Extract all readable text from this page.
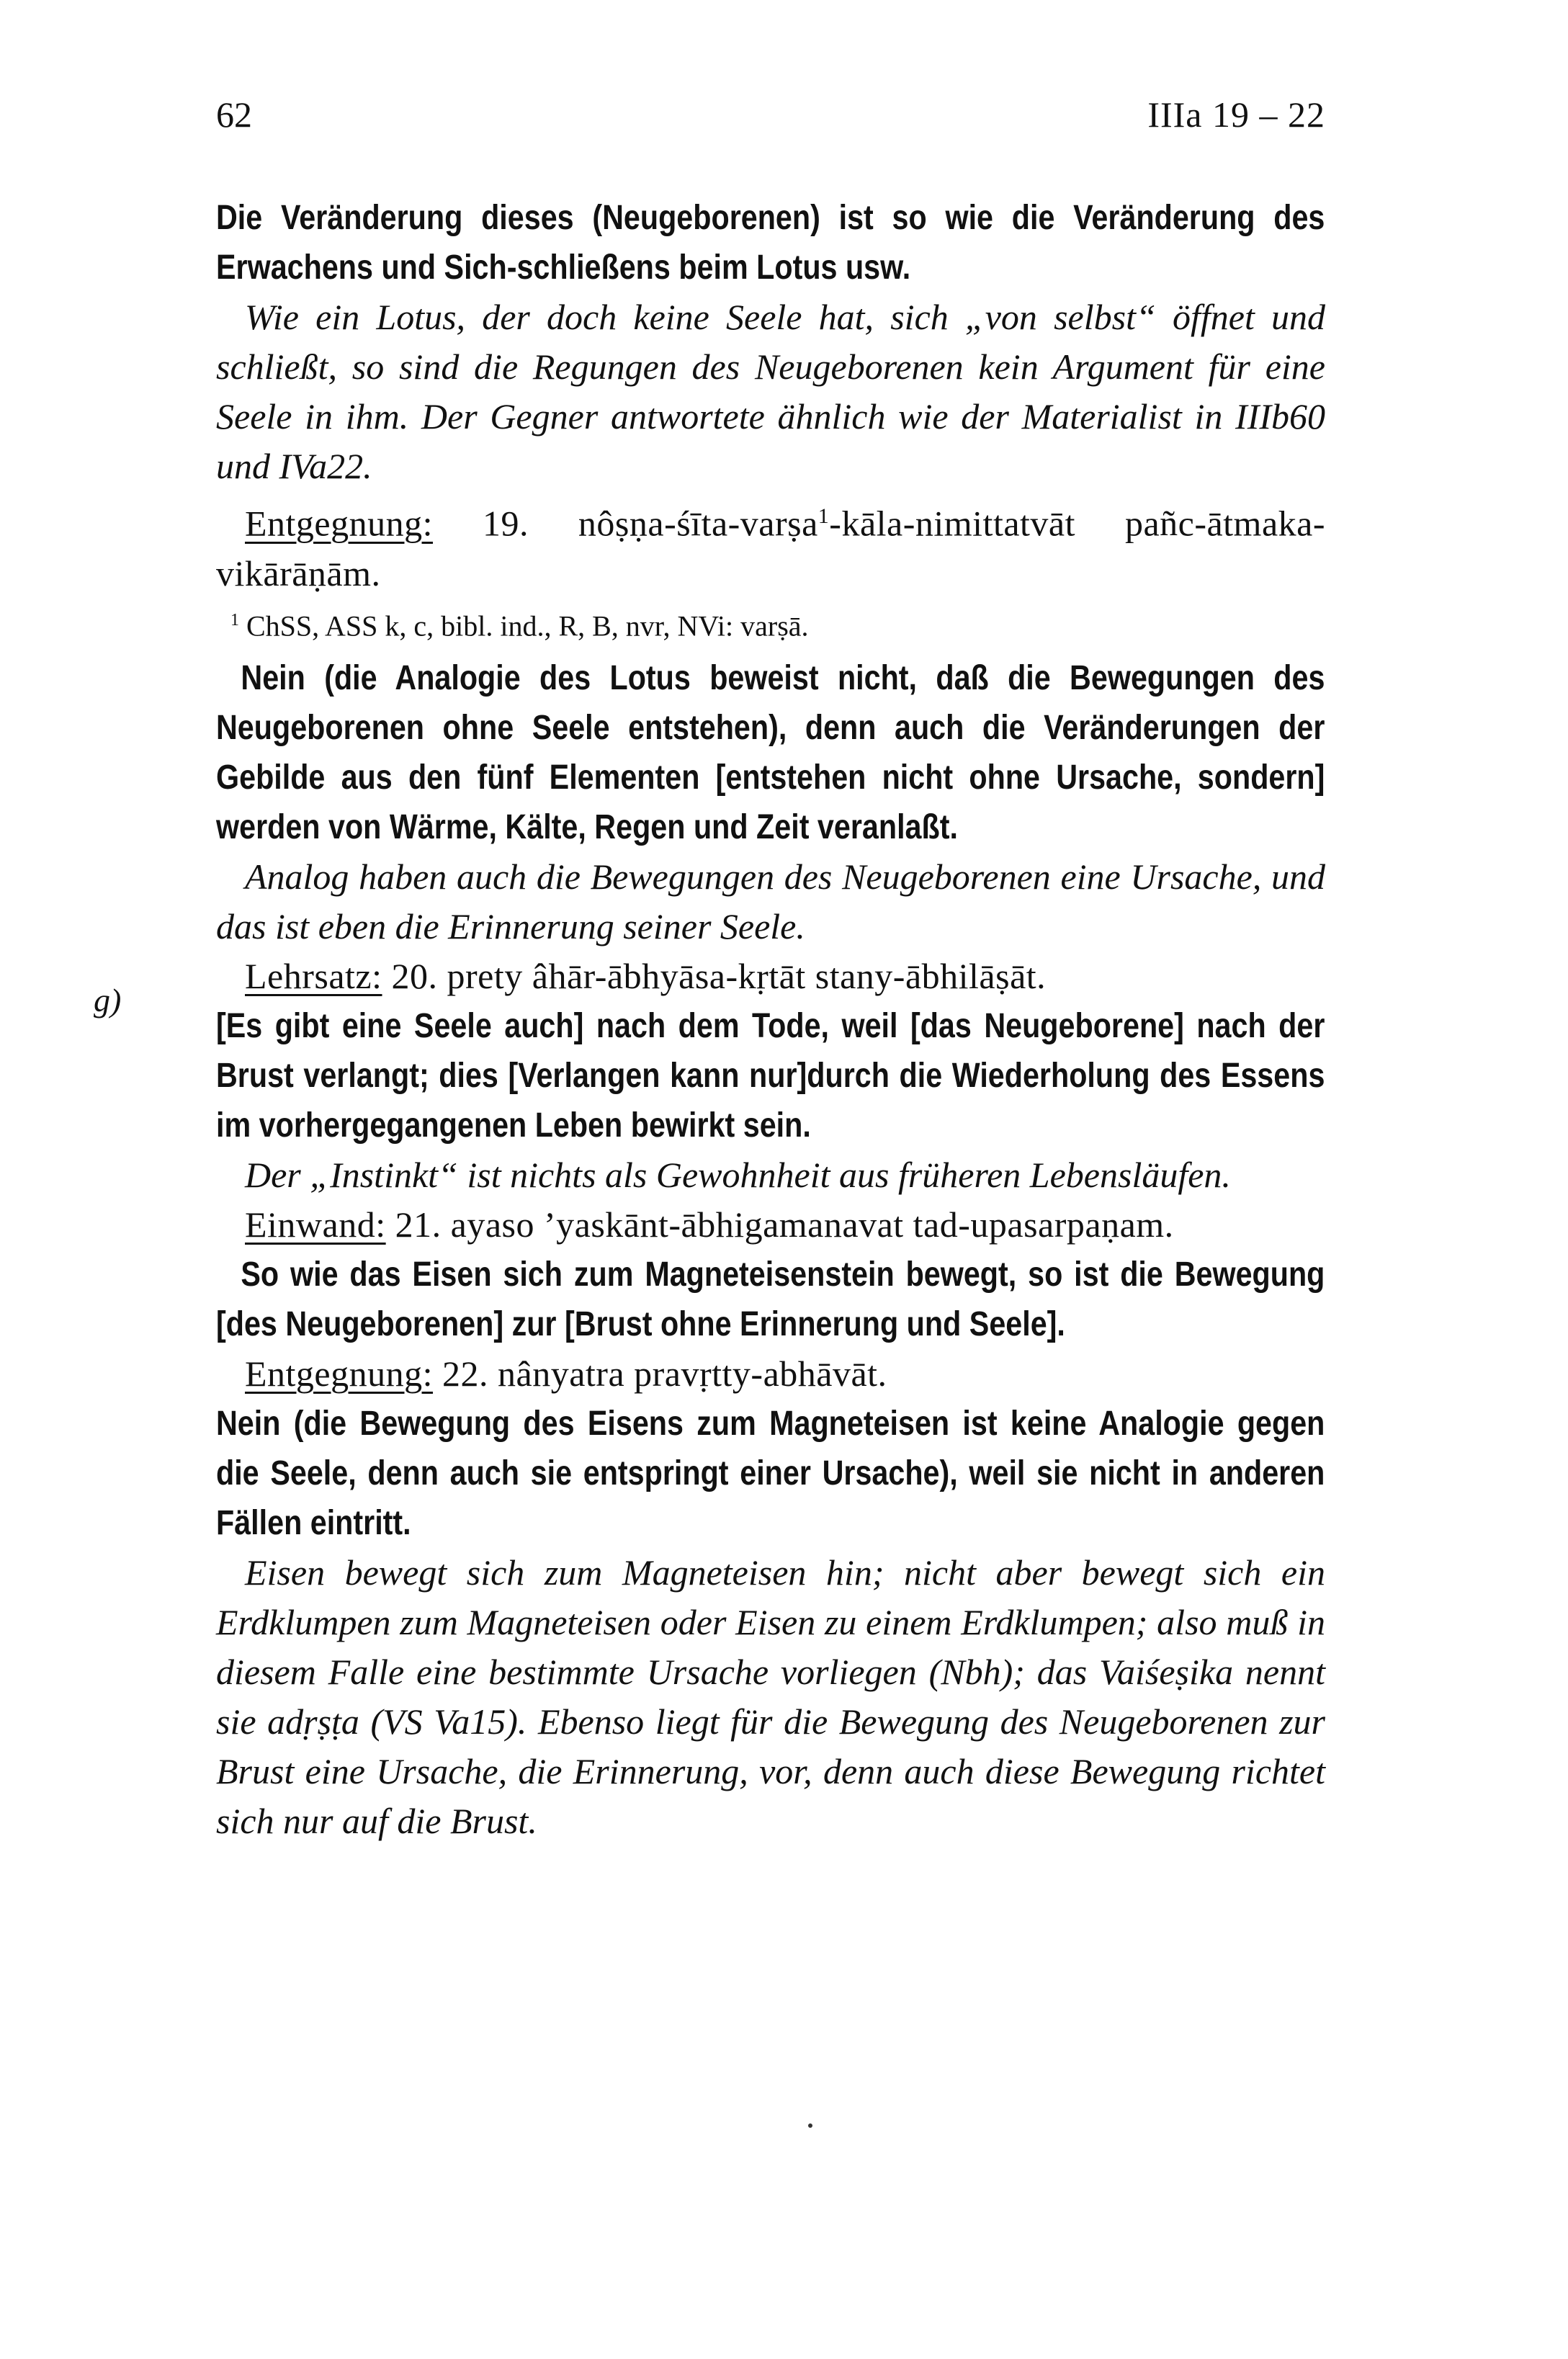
62	IIIa 19 – 22
g)

Die Veränderung dieses (Neugeborenen) ist so wie die Veränderung des Erwachens und Sich-schließens beim Lotus usw.

Wie ein Lotus, der doch keine Seele hat, sich „von selbst“ öffnet und schließt, so sind die Regungen des Neugeborenen kein Argument für eine Seele in ihm. Der Gegner antwortete ähnlich wie der Materialist in IIIb60 und IVa22.

Entgegnung: 19. nôṣṇa-śīta-varṣa$^1$-kāla-nimittatvāt pañc-ātmaka-vikārāṇām.

$^1$ ChSS, ASS k, c, bibl. ind., R, B, nvr, NVi: varṣā.

Nein (die Analogie des Lotus beweist nicht, daß die Bewegungen des Neugeborenen ohne Seele entstehen), denn auch die Veränderungen der Gebilde aus den fünf Elementen [entstehen nicht ohne Ursache, sondern] werden von Wärme, Kälte, Regen und Zeit veranlaßt.

Analog haben auch die Bewegungen des Neugeborenen eine Ursache, und das ist eben die Erinnerung seiner Seele.

Lehrsatz: 20. prety âhār-ābhyāsa-kṛtāt stany-ābhilāṣāt.

[Es gibt eine Seele auch] nach dem Tode, weil [das Neugeborene] nach der Brust verlangt; dies [Verlangen kann nur]durch die Wiederholung des Essens im vorhergegangenen Leben bewirkt sein.

Der „Instinkt“ ist nichts als Gewohnheit aus früheren Lebensläufen.

Einwand: 21. ayaso ’yaskānt-ābhigamanavat tad-upasarpaṇam.

So wie das Eisen sich zum Magneteisenstein bewegt, so ist die Bewegung [des Neugeborenen] zur [Brust ohne Erinnerung und Seele].

Entgegnung: 22. nânyatra pravṛtty-abhāvāt.

Nein (die Bewegung des Eisens zum Magneteisen ist keine Analogie gegen die Seele, denn auch sie entspringt einer Ursache), weil sie nicht in anderen Fällen eintritt.

Eisen bewegt sich zum Magneteisen hin; nicht aber bewegt sich ein Erdklumpen zum Magneteisen oder Eisen zu einem Erdklumpen; also muß in diesem Falle eine bestimmte Ursache vorliegen (Nbh); das Vaiśeṣika nennt sie adṛṣṭa (VS Va15). Ebenso liegt für die Bewegung des Neugeborenen zur Brust eine Ursache, die Erinnerung, vor, denn auch diese Bewegung richtet sich nur auf die Brust.
